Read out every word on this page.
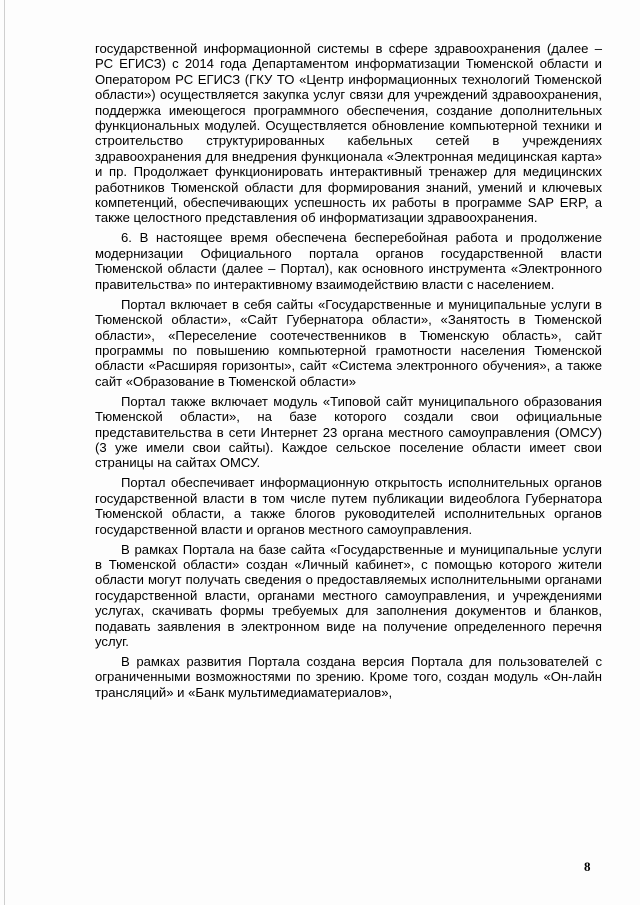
государственной информационной системы в сфере здравоохранения (далее – РС ЕГИСЗ) с 2014 года Департаментом информатизации Тюменской области и Оператором РС ЕГИСЗ (ГКУ ТО «Центр информационных технологий Тюменской области») осуществляется закупка услуг связи для учреждений здравоохранения, поддержка имеющегося программного обеспечения, создание дополнительных функциональных модулей. Осуществляется обновление компьютерной техники и строительство структурированных кабельных сетей в учреждениях здравоохранения для внедрения функционала «Электронная медицинская карта» и пр. Продолжает функционировать интерактивный тренажер для медицинских работников Тюменской области для формирования знаний, умений и ключевых компетенций, обеспечивающих успешность их работы в программе SAP ERP, а также целостного представления об информатизации здравоохранения.

6. В настоящее время обеспечена бесперебойная работа и продолжение модернизации Официального портала органов государственной власти Тюменской области (далее – Портал), как основного инструмента «Электронного правительства» по интерактивному взаимодействию власти с населением.

Портал включает в себя сайты «Государственные и муниципальные услуги в Тюменской области», «Сайт Губернатора области», «Занятость в Тюменской области», «Переселение соотечественников в Тюменскую область», сайт программы по повышению компьютерной грамотности населения Тюменской области «Расширяя горизонты», сайт «Система электронного обучения», а также сайт «Образование в Тюменской области»

Портал также включает модуль «Типовой сайт муниципального образования Тюменской области», на базе которого создали свои официальные представительства в сети Интернет 23 органа местного самоуправления (ОМСУ) (3 уже имели свои сайты). Каждое сельское поселение области имеет свои страницы на сайтах ОМСУ.

Портал обеспечивает информационную открытость исполнительных органов государственной власти в том числе путем публикации видеоблога Губернатора Тюменской области, а также блогов руководителей исполнительных органов государственной власти и органов местного самоуправления.

В рамках Портала на базе сайта «Государственные и муниципальные услуги в Тюменской области» создан «Личный кабинет», с помощью которого жители области могут получать сведения о предоставляемых исполнительными органами государственной власти, органами местного самоуправления, и учреждениями услугах, скачивать формы требуемых для заполнения документов и бланков, подавать заявления в электронном виде на получение определенного перечня услуг.

В рамках развития Портала создана версия Портала для пользователей с ограниченными возможностями по зрению. Кроме того, создан модуль «Он-лайн трансляций» и «Банк мультимедиаматериалов»,

8
